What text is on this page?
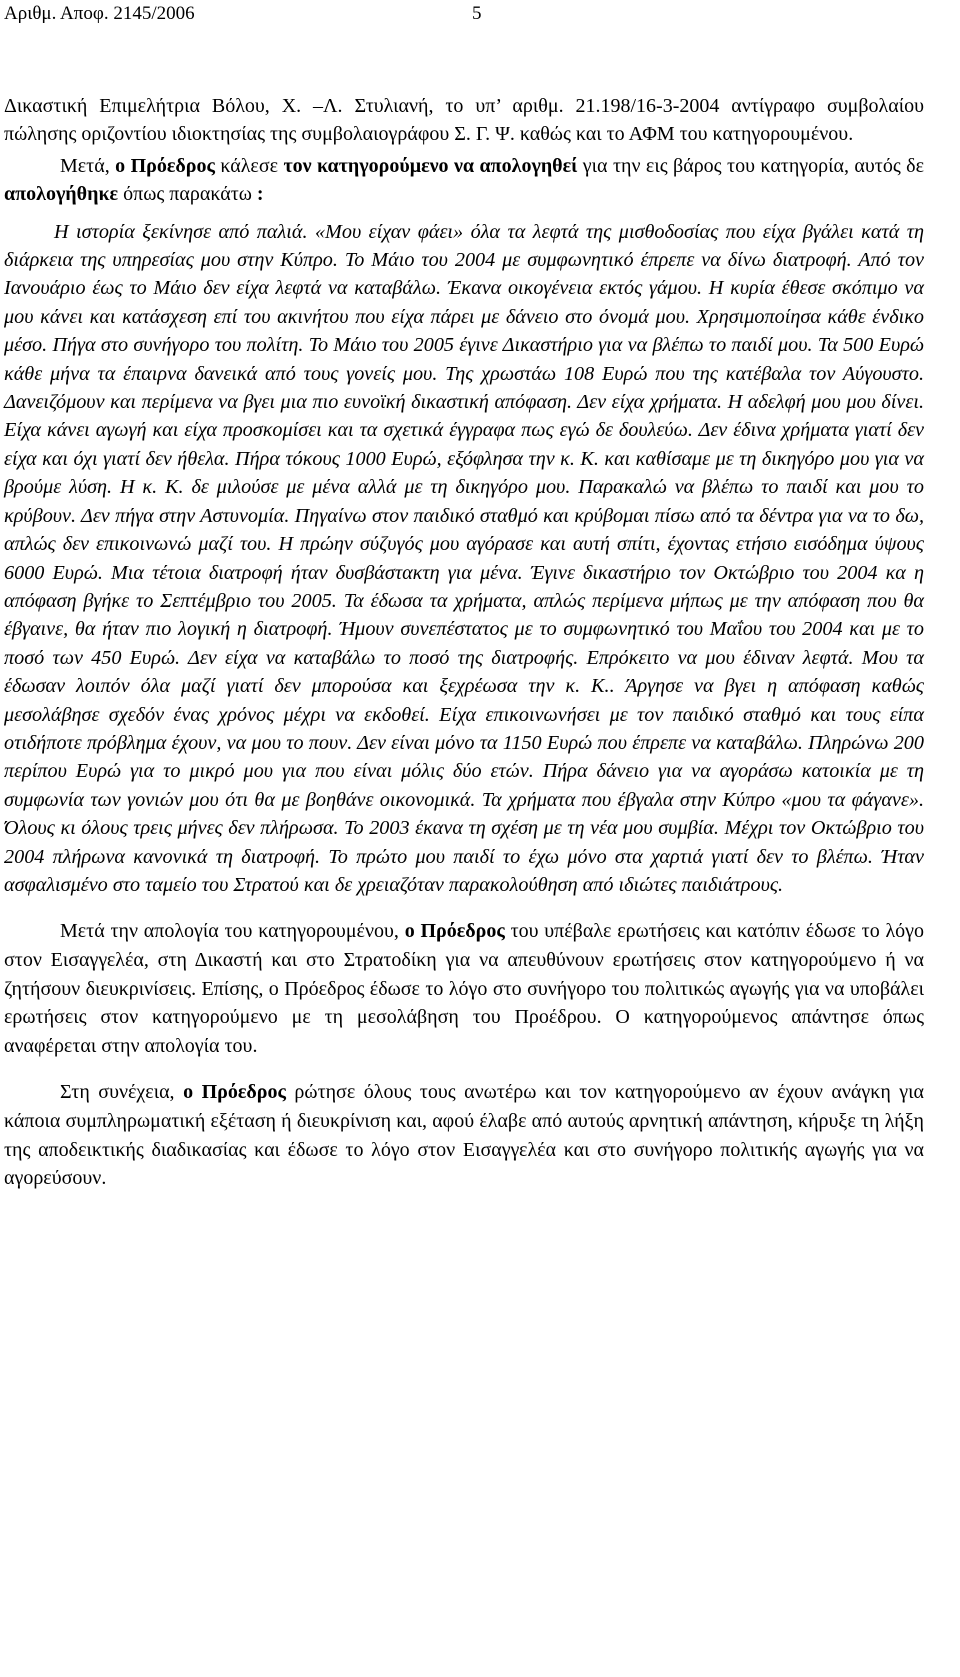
Αριθμ. Αποφ. 2145/2006	5

Δικαστική Επιμελήτρια Βόλου, Χ. –Λ. Στυλιανή, το υπ’ αριθμ. 21.198/16-3-2004 αντίγραφο συμβολαίου πώλησης οριζοντίου ιδιοκτησίας της συμβολαιογράφου Σ. Γ. Ψ. καθώς και το ΑΦΜ του κατηγορουμένου.

Μετά, ο Πρόεδρος κάλεσε τον κατηγορούμενο να απολογηθεί για την εις βάρος του κατηγορία, αυτός δε απολογήθηκε όπως παρακάτω :

Η ιστορία ξεκίνησε από παλιά. «Μου είχαν φάει» όλα τα λεφτά της μισθοδοσίας που είχα βγάλει κατά τη διάρκεια της υπηρεσίας μου στην Κύπρο. Το Μάιο του 2004 με συμφωνητικό έπρεπε να δίνω διατροφή. Από τον Ιανουάριο έως το Μάιο δεν είχα λεφτά να καταβάλω. Έκανα οικογένεια εκτός γάμου. Η κυρία έθεσε σκόπιμο να μου κάνει και κατάσχεση επί του ακινήτου που είχα πάρει με δάνειο στο όνομά μου. Χρησιμοποίησα κάθε ένδικο μέσο. Πήγα στο συνήγορο του πολίτη. Το Μάιο του 2005 έγινε Δικαστήριο για να βλέπω το παιδί μου. Τα 500 Ευρώ κάθε μήνα τα έπαιρνα δανεικά από τους γονείς μου. Της χρωστάω 108 Ευρώ που της κατέβαλα τον Αύγουστο. Δανειζόμουν και περίμενα να βγει μια πιο ευνοϊκή δικαστική απόφαση. Δεν είχα χρήματα. Η αδελφή μου μου δίνει. Είχα κάνει αγωγή και είχα προσκομίσει και τα σχετικά έγγραφα πως εγώ δε δουλεύω. Δεν έδινα χρήματα γιατί δεν είχα και όχι γιατί δεν ήθελα. Πήρα τόκους 1000 Ευρώ, εξόφλησα την κ. Κ. και καθίσαμε με τη δικηγόρο μου για να βρούμε λύση. Η κ. Κ. δε μιλούσε με μένα αλλά με τη δικηγόρο μου. Παρακαλώ να βλέπω το παιδί και μου το κρύβουν. Δεν πήγα στην Αστυνομία. Πηγαίνω στον παιδικό σταθμό και κρύβομαι πίσω από τα δέντρα για να το δω, απλώς δεν επικοινωνώ μαζί του. Η πρώην σύζυγός μου αγόρασε και αυτή σπίτι, έχοντας ετήσιο εισόδημα ύψους 6000 Ευρώ. Μια τέτοια διατροφή ήταν δυσβάστακτη για μένα. Έγινε δικαστήριο τον Οκτώβριο του 2004 κα η απόφαση βγήκε το Σεπτέμβριο του 2005. Τα έδωσα τα χρήματα, απλώς περίμενα μήπως με την απόφαση που θα έβγαινε, θα ήταν πιο λογική η διατροφή. Ήμουν συνεπέστατος με το συμφωνητικό του Μαΐου του 2004 και με το ποσό των 450 Ευρώ. Δεν είχα να καταβάλω το ποσό της διατροφής. Επρόκειτο να μου έδιναν λεφτά. Μου τα έδωσαν λοιπόν όλα μαζί γιατί δεν μπορούσα και ξεχρέωσα την κ. Κ.. Άργησε να βγει η απόφαση καθώς μεσολάβησε σχεδόν ένας χρόνος μέχρι να εκδοθεί. Είχα επικοινωνήσει με τον παιδικό σταθμό και τους είπα οτιδήποτε πρόβλημα έχουν, να μου το πουν. Δεν είναι μόνο τα 1150 Ευρώ που έπρεπε να καταβάλω. Πληρώνω 200 περίπου Ευρώ για το μικρό μου για που είναι μόλις δύο ετών. Πήρα δάνειο για να αγοράσω κατοικία με τη συμφωνία των γονιών μου ότι θα με βοηθάνε οικονομικά. Τα χρήματα που έβγαλα στην Κύπρο «μου τα φάγανε». Όλους κι όλους τρεις μήνες δεν πλήρωσα. Το 2003 έκανα τη σχέση με τη νέα μου συμβία. Μέχρι τον Οκτώβριο του 2004 πλήρωνα κανονικά τη διατροφή. Το πρώτο μου παιδί το έχω μόνο στα χαρτιά γιατί δεν το βλέπω. Ήταν ασφαλισμένο στο ταμείο του Στρατού και δε χρειαζόταν παρακολούθηση από ιδιώτες παιδιάτρους.

Μετά την απολογία του κατηγορουμένου, ο Πρόεδρος του υπέβαλε ερωτήσεις και κατόπιν έδωσε το λόγο στον Εισαγγελέα, στη Δικαστή και στο Στρατοδίκη για να απευθύνουν ερωτήσεις στον κατηγορούμενο ή να ζητήσουν διευκρινίσεις. Επίσης, ο Πρόεδρος έδωσε το λόγο στο συνήγορο του πολιτικώς αγωγής για να υποβάλει ερωτήσεις στον κατηγορούμενο με τη μεσολάβηση του Προέδρου. Ο κατηγορούμενος απάντησε όπως αναφέρεται στην απολογία του.

Στη συνέχεια, ο Πρόεδρος ρώτησε όλους τους ανωτέρω και τον κατηγορούμενο αν έχουν ανάγκη για κάποια συμπληρωματική εξέταση ή διευκρίνιση και, αφού έλαβε από αυτούς αρνητική απάντηση, κήρυξε τη λήξη της αποδεικτικής διαδικασίας και έδωσε το λόγο στον Εισαγγελέα και στο συνήγορο πολιτικής αγωγής για να αγορεύσουν.
